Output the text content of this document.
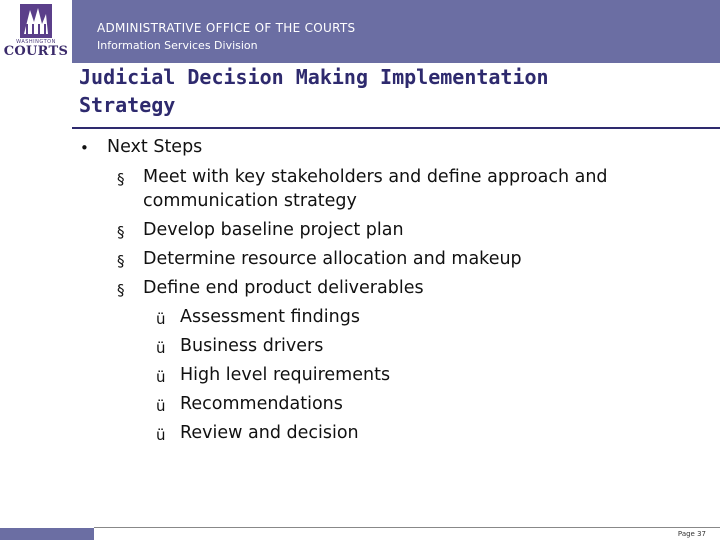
WASHINGTON
COURTS
ADMINISTRATIVE OFFICE OF THE COURTS
Information Services Division
Judicial Decision Making Implementation
Strategy
• Next Steps
§ Meet with key stakeholders and define approach and
communication strategy
§ Develop baseline project plan
§ Determine resource allocation and makeup
§ Define end product deliverables
ü Assessment findings
ü Business drivers
ü High level requirements
ü Recommendations
ü Review and decision
Page 37
